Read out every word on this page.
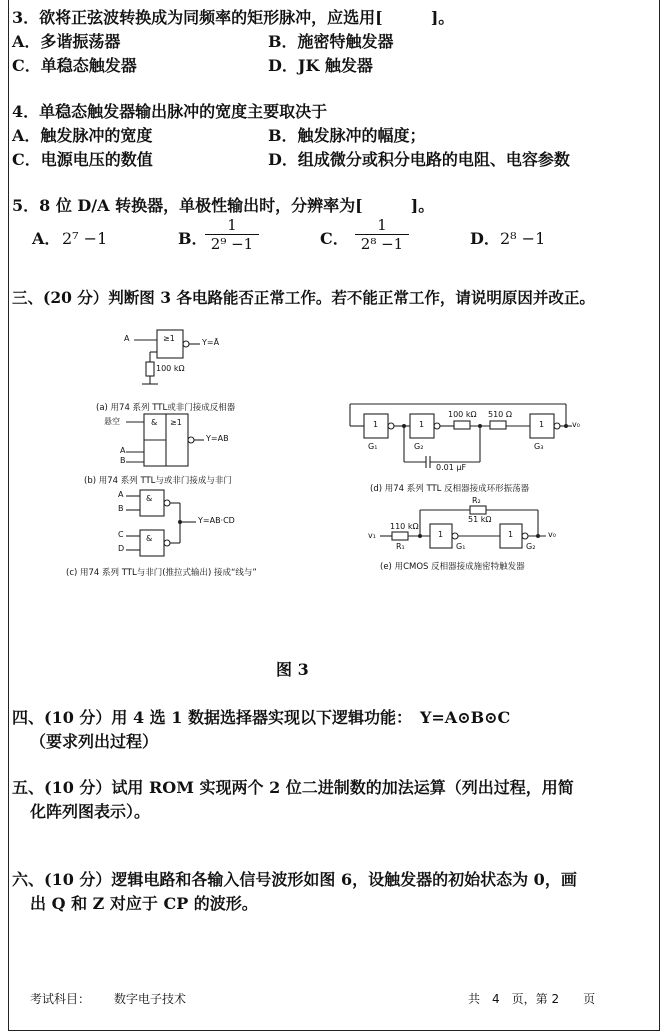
3．欲将正弦波转换成为同频率的矩形脉冲，应选用[　　　]。
A．多谐振荡器	B．施密特触发器
C．单稳态触发器	D．JK 触发器
4．单稳态触发器输出脉冲的宽度主要取决于
A．触发脉冲的宽度	B．触发脉冲的幅度；
C．电源电压的数值	D．组成微分或积分电路的电阻、电容参数
5．8 位 D/A 转换器，单极性输出时，分辨率为[　　　]。
A． 2⁷ −1	B．
$\frac{1}{\text{2⁹ −1}}$	C． $\frac{1}{\text{2⁸ −1}}$	D． 2⁸ −1
三、(20 分）判断图 3 各电路能否正常工作。若不能正常工作，请说明原因并改正。
A	≥1	Y=Ā
100 kΩ
(a) 用74 系列 TTL或非门接成反相器
悬空	& ≥1
Y=AB
A
B
(b) 用74 系列 TTL与或非门接成与非门
A
B
&
C
D
&
Y=AB·CD
(c) 用74 系列 TTL与非门(推拉式输出) 接成“线与”
1	1	1
100 kΩ 510 Ω
G₁	G₂	G₃
v₀
0.01 μF
(d) 用74 系列 TTL 反相器接成环形振荡器
R₂
51 kΩ
110 kΩ
R₁
v₁	1	1
G₁	G₂
v₀
(e) 用CMOS 反相器接成施密特触发器
图 3
四、(10 分）用 4 选 1 数据选择器实现以下逻辑功能：　Y=A⊙B⊙C
（要求列出过程）
五、(10 分）试用 ROM 实现两个 2 位二进制数的加法运算（列出过程，用简
化阵列图表示）。
六、(10 分）逻辑电路和各输入信号波形如图 6，设触发器的初始状态为 0，画
出 Q 和 Z 对应于 CP 的波形。
考试科目： 数字电子技术	共　4　页，第 2　　页
